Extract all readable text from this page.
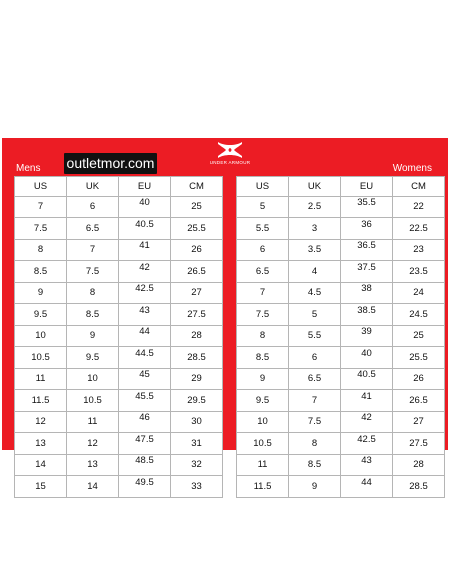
UNDER ARMOUR
Mens	Womens
US	UK	EU	CM
7	6	40	25
7.5	6.5	40.5	25.5
8	7	41	26
8.5	7.5	42	26.5
9	8	42.5	27
9.5	8.5	43	27.5
10	9	44	28
10.5	9.5	44.5	28.5
11	10	45	29
11.5	10.5	45.5	29.5
12	11	46	30
13	12	47.5	31
14	13	48.5	32
15	14	49.5	33
US	UK	EU	CM
5	2.5	35.5	22
5.5	3	36	22.5
6	3.5	36.5	23
6.5	4	37.5	23.5
7	4.5	38	24
7.5	5	38.5	24.5
8	5.5	39	25
8.5	6	40	25.5
9	6.5	40.5	26
9.5	7	41	26.5
10	7.5	42	27
10.5	8	42.5	27.5
11	8.5	43	28
11.5	9	44	28.5
outletmor.com
